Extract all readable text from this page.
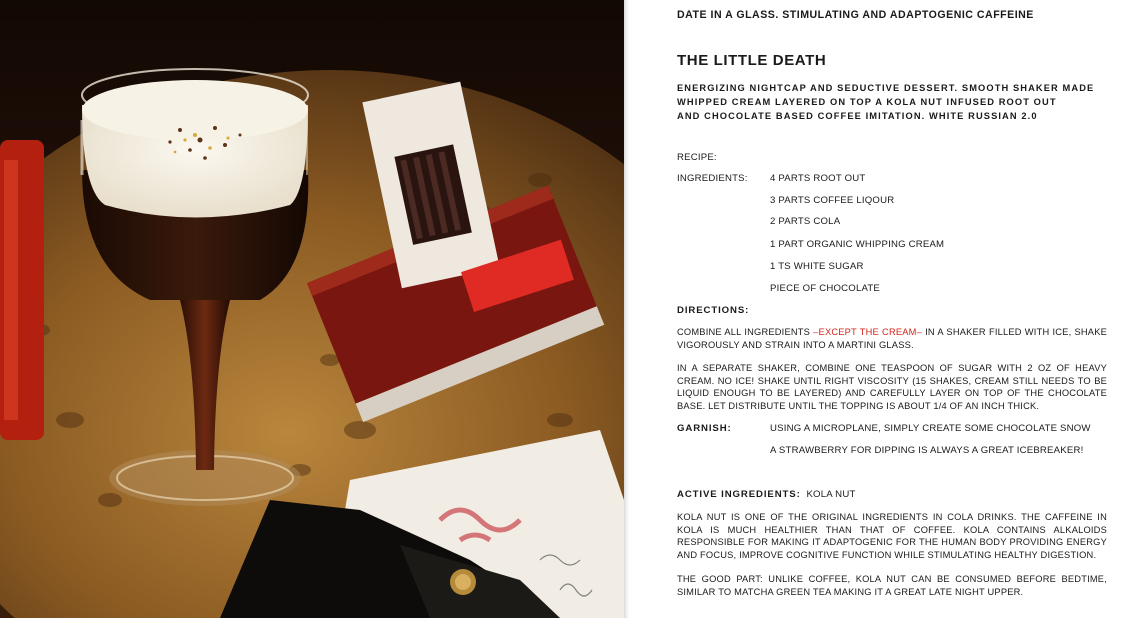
DATE IN A GLASS. STIMULATING AND ADAPTOGENIC CAFFEINE
THE LITTLE DEATH
ENERGIZING NIGHTCAP AND SEDUCTIVE DESSERT. SMOOTH SHAKER MADE
WHIPPED CREAM LAYERED ON TOP A KOLA NUT INFUSED ROOT OUT
AND CHOCOLATE BASED COFFEE IMITATION. WHITE RUSSIAN 2.0
RECIPE:
INGREDIENTS: 4 PARTS ROOT OUT
3 PARTS COFFEE LIQOUR
2 PARTS COLA
1 PART ORGANIC WHIPPING CREAM
1 TS WHITE SUGAR
PIECE OF CHOCOLATE
DIRECTIONS:
COMBINE ALL INGREDIENTS –EXCEPT THE CREAM– IN A SHAKER FILLED WITH ICE, SHAKE VIGOROUSLY AND STRAIN INTO A MARTINI GLASS.
IN A SEPARATE SHAKER, COMBINE ONE TEASPOON OF SUGAR WITH 2 OZ OF HEAVY CREAM. NO ICE! SHAKE UNTIL RIGHT VISCOSITY (15 SHAKES, CREAM STILL NEEDS TO BE LIQUID ENOUGH TO BE LAYERED) AND CAREFULLY LAYER ON TOP OF THE CHOCOLATE BASE. LET DISTRIBUTE UNTIL THE TOPPING IS ABOUT 1/4 OF AN INCH THICK.
GARNISH:	USING A MICROPLANE, SIMPLY CREATE SOME CHOCOLATE SNOW
A STRAWBERRY FOR DIPPING IS ALWAYS A GREAT ICEBREAKER!
ACTIVE INGREDIENTS: KOLA NUT
KOLA NUT IS ONE OF THE ORIGINAL INGREDIENTS IN COLA DRINKS. THE CAFFEINE IN KOLA IS MUCH HEALTHIER THAN THAT OF COFFEE. KOLA CONTAINS ALKALOIDS RESPONSIBLE FOR MAKING IT ADAPTOGENIC FOR THE HUMAN BODY PROVIDING ENERGY AND FOCUS, IMPROVE COGNITIVE FUNCTION WHILE STIMULATING HEALTHY DIGESTION.
THE GOOD PART: UNLIKE COFFEE, KOLA NUT CAN BE CONSUMED BEFORE BEDTIME, SIMILAR TO MATCHA GREEN TEA MAKING IT A GREAT LATE NIGHT UPPER.
